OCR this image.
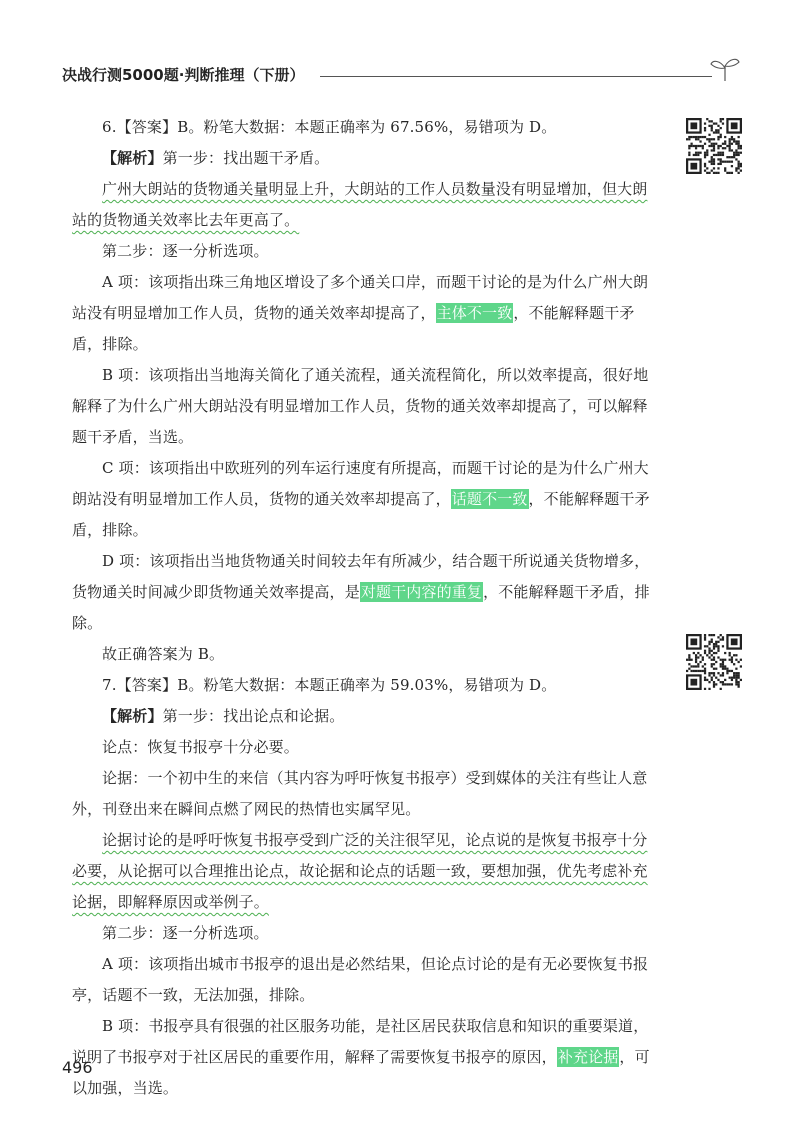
决战行测5000题·判断推理（下册）

6.【答案】B。粉笔大数据：本题正确率为 67.56%，易错项为 D。

【解析】第一步：找出题干矛盾。

广州大朗站的货物通关量明显上升，大朗站的工作人员数量没有明显增加，但大朗站的货物通关效率比去年更高了。

第二步：逐一分析选项。

A 项：该项指出珠三角地区增设了多个通关口岸，而题干讨论的是为什么广州大朗站没有明显增加工作人员，货物的通关效率却提高了，主体不一致，不能解释题干矛盾，排除。

B 项：该项指出当地海关简化了通关流程，通关流程简化，所以效率提高，很好地解释了为什么广州大朗站没有明显增加工作人员，货物的通关效率却提高了，可以解释题干矛盾，当选。

C 项：该项指出中欧班列的列车运行速度有所提高，而题干讨论的是为什么广州大朗站没有明显增加工作人员，货物的通关效率却提高了，话题不一致，不能解释题干矛盾，排除。

D 项：该项指出当地货物通关时间较去年有所减少，结合题干所说通关货物增多，货物通关时间减少即货物通关效率提高，是对题干内容的重复，不能解释题干矛盾，排除。

故正确答案为 B。

7.【答案】B。粉笔大数据：本题正确率为 59.03%，易错项为 D。

【解析】第一步：找出论点和论据。

论点：恢复书报亭十分必要。

论据：一个初中生的来信（其内容为呼吁恢复书报亭）受到媒体的关注有些让人意外，刊登出来在瞬间点燃了网民的热情也实属罕见。

论据讨论的是呼吁恢复书报亭受到广泛的关注很罕见，论点说的是恢复书报亭十分必要，从论据可以合理推出论点，故论据和论点的话题一致，要想加强，优先考虑补充论据，即解释原因或举例子。

第二步：逐一分析选项。

A 项：该项指出城市书报亭的退出是必然结果，但论点讨论的是有无必要恢复书报亭，话题不一致，无法加强，排除。

B 项：书报亭具有很强的社区服务功能，是社区居民获取信息和知识的重要渠道，说明了书报亭对于社区居民的重要作用，解释了需要恢复书报亭的原因，补充论据，可以加强，当选。

496
